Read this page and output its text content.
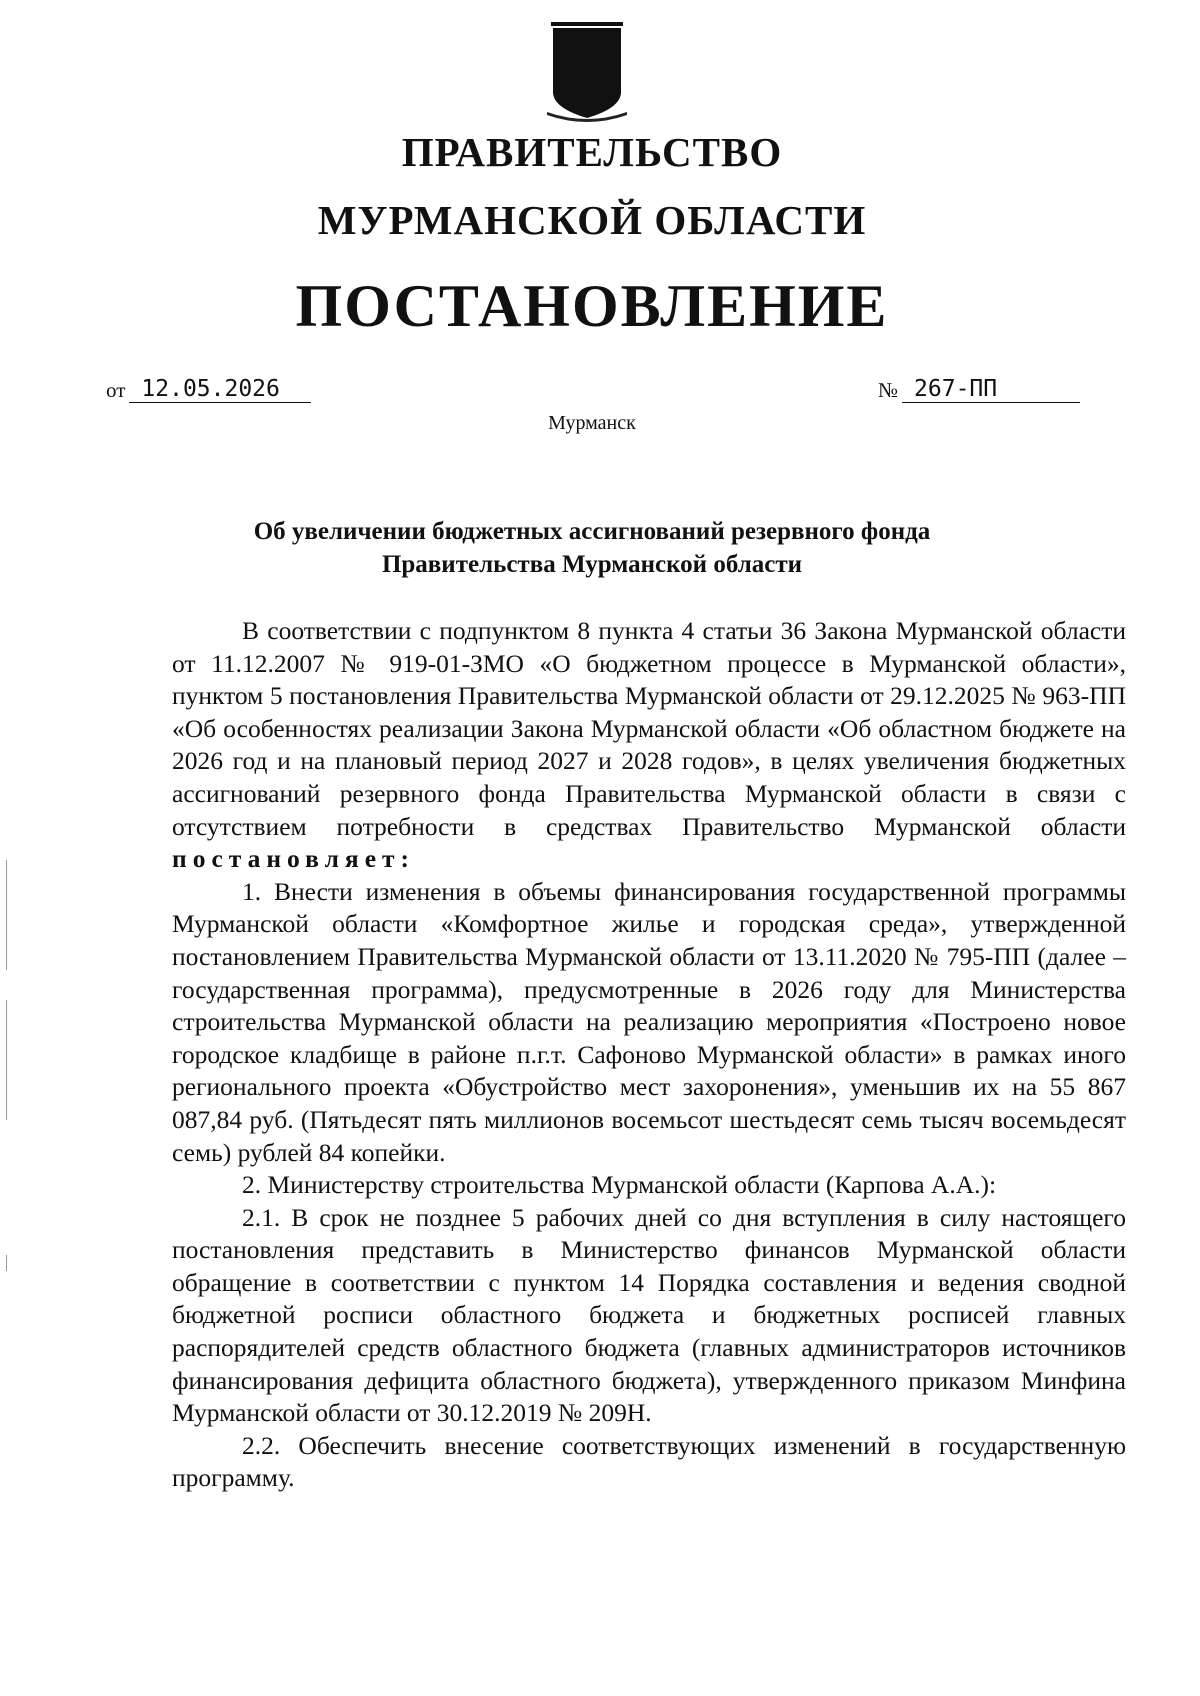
ПРАВИТЕЛЬСТВО
МУРМАНСКОЙ ОБЛАСТИ
ПОСТАНОВЛЕНИЕ
от 12.05.2026	№ 267-ПП
Мурманск
Об увеличении бюджетных ассигнований резервного фонда
Правительства Мурманской области

В соответствии с подпунктом 8 пункта 4 статьи 36 Закона Мурманской области от 11.12.2007 № 919-01-ЗМО «О бюджетном процессе в Мурманской области», пунктом 5 постановления Правительства Мурманской области от 29.12.2025 № 963-ПП «Об особенностях реализации Закона Мурманской области «Об областном бюджете на 2026 год и на плановый период 2027 и 2028 годов», в целях увеличения бюджетных ассигнований резервного фонда Правительства Мурманской области в связи с отсутствием потребности в средствах Правительство Мурманской области постановляет:

1. Внести изменения в объемы финансирования государственной программы Мурманской области «Комфортное жилье и городская среда», утвержденной постановлением Правительства Мурманской области от 13.11.2020 № 795-ПП (далее – государственная программа), предусмотренные в 2026 году для Министерства строительства Мурманской области на реализацию мероприятия «Построено новое городское кладбище в районе п.г.т. Сафоново Мурманской области» в рамках иного регионального проекта «Обустройство мест захоронения», уменьшив их на 55 867 087,84 руб. (Пятьдесят пять миллионов восемьсот шестьдесят семь тысяч восемьдесят семь) рублей 84 копейки.

2. Министерству строительства Мурманской области (Карпова А.А.):

2.1. В срок не позднее 5 рабочих дней со дня вступления в силу настоящего постановления представить в Министерство финансов Мурманской области обращение в соответствии с пунктом 14 Порядка составления и ведения сводной бюджетной росписи областного бюджета и бюджетных росписей главных распорядителей средств областного бюджета (главных администраторов источников финансирования дефицита областного бюджета), утвержденного приказом Минфина Мурманской области от 30.12.2019 № 209Н.

2.2. Обеспечить внесение соответствующих изменений в государственную программу.
